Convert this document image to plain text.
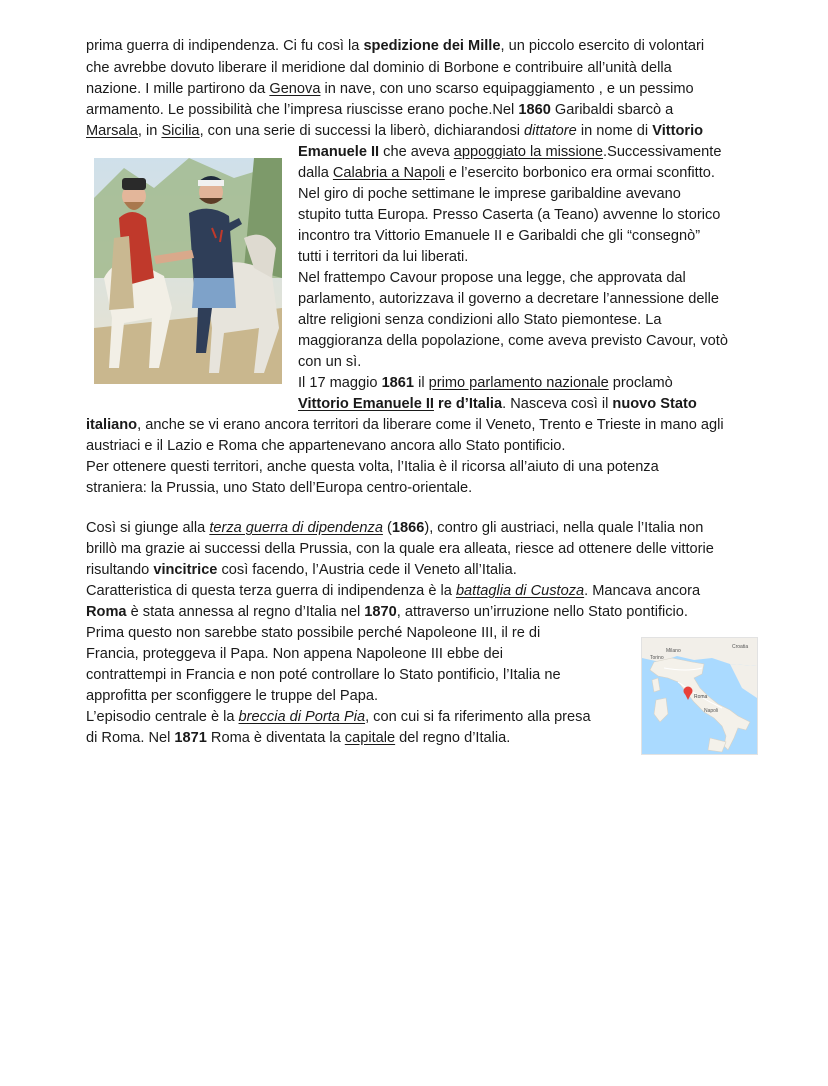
prima guerra di indipendenza. Ci fu così la spedizione dei Mille, un piccolo esercito di volontari
che avrebbe dovuto liberare il meridione dal dominio di Borbone e contribuire all’unità della
nazione. I mille partirono da Genova in nave, con uno scarso equipaggiamento , e un pessimo
armamento. Le possibilità che l’impresa riuscisse erano poche.Nel 1860 Garibaldi sbarcò a
Marsala, in Sicilia, con una serie di successi la liberò, dichiarandosi dittatore in nome di Vittorio
Emanuele II che aveva appoggiato la missione.Successivamente
dalla Calabria a Napoli e l’esercito borbonico era ormai sconfitto.
Nel giro di poche settimane le imprese garibaldine avevano
stupito tutta Europa. Presso Caserta (a Teano) avvenne lo storico
incontro tra Vittorio Emanuele II e Garibaldi che gli “consegnò”
tutti i territori da lui liberati.
Nel frattempo Cavour propose una legge, che approvata dal
parlamento, autorizzava il governo a decretare l’annessione delle
altre religioni senza condizioni allo Stato piemontese. La
maggioranza della popolazione, come aveva previsto Cavour, votò
con un sì.
Il 17 maggio 1861 il primo parlamento nazionale proclamò
Vittorio Emanuele II re d’Italia. Nasceva così il nuovo Stato
italiano, anche se vi erano ancora territori da liberare come il Veneto, Trento e Trieste in mano agli
austriaci e il Lazio e Roma che appartenevano ancora allo Stato pontificio.
Per ottenere questi territori, anche questa volta, l’Italia è il ricorsa all’aiuto di una potenza
straniera: la Prussia, uno Stato dell’Europa centro-orientale.
Così si giunge alla terza guerra di dipendenza (1866), contro gli austriaci, nella quale l’Italia non
brillò ma grazie ai successi della Prussia, con la quale era alleata, riesce ad ottenere delle vittorie
risultando vincitrice così facendo, l’Austria cede il Veneto all’Italia.
Caratteristica di questa terza guerra di indipendenza è la battaglia di Custoza. Mancava ancora
Roma è stata annessa al regno d’Italia nel 1870, attraverso un’irruzione nello Stato pontificio.
Prima questo non sarebbe stato possibile perché Napoleone III, il re di
Francia, proteggeva il Papa. Non appena Napoleone III ebbe dei
contrattempi in Francia e non poté controllare lo Stato pontificio, l’Italia ne
approfitta per sconfiggere le truppe del Papa.
L’episodio centrale è la breccia di Porta Pia, con cui si fa riferimento alla presa
di Roma. Nel 1871 Roma è diventata la capitale del regno d’Italia.
Milano
Torino
Croatia
Roma
Napoli
